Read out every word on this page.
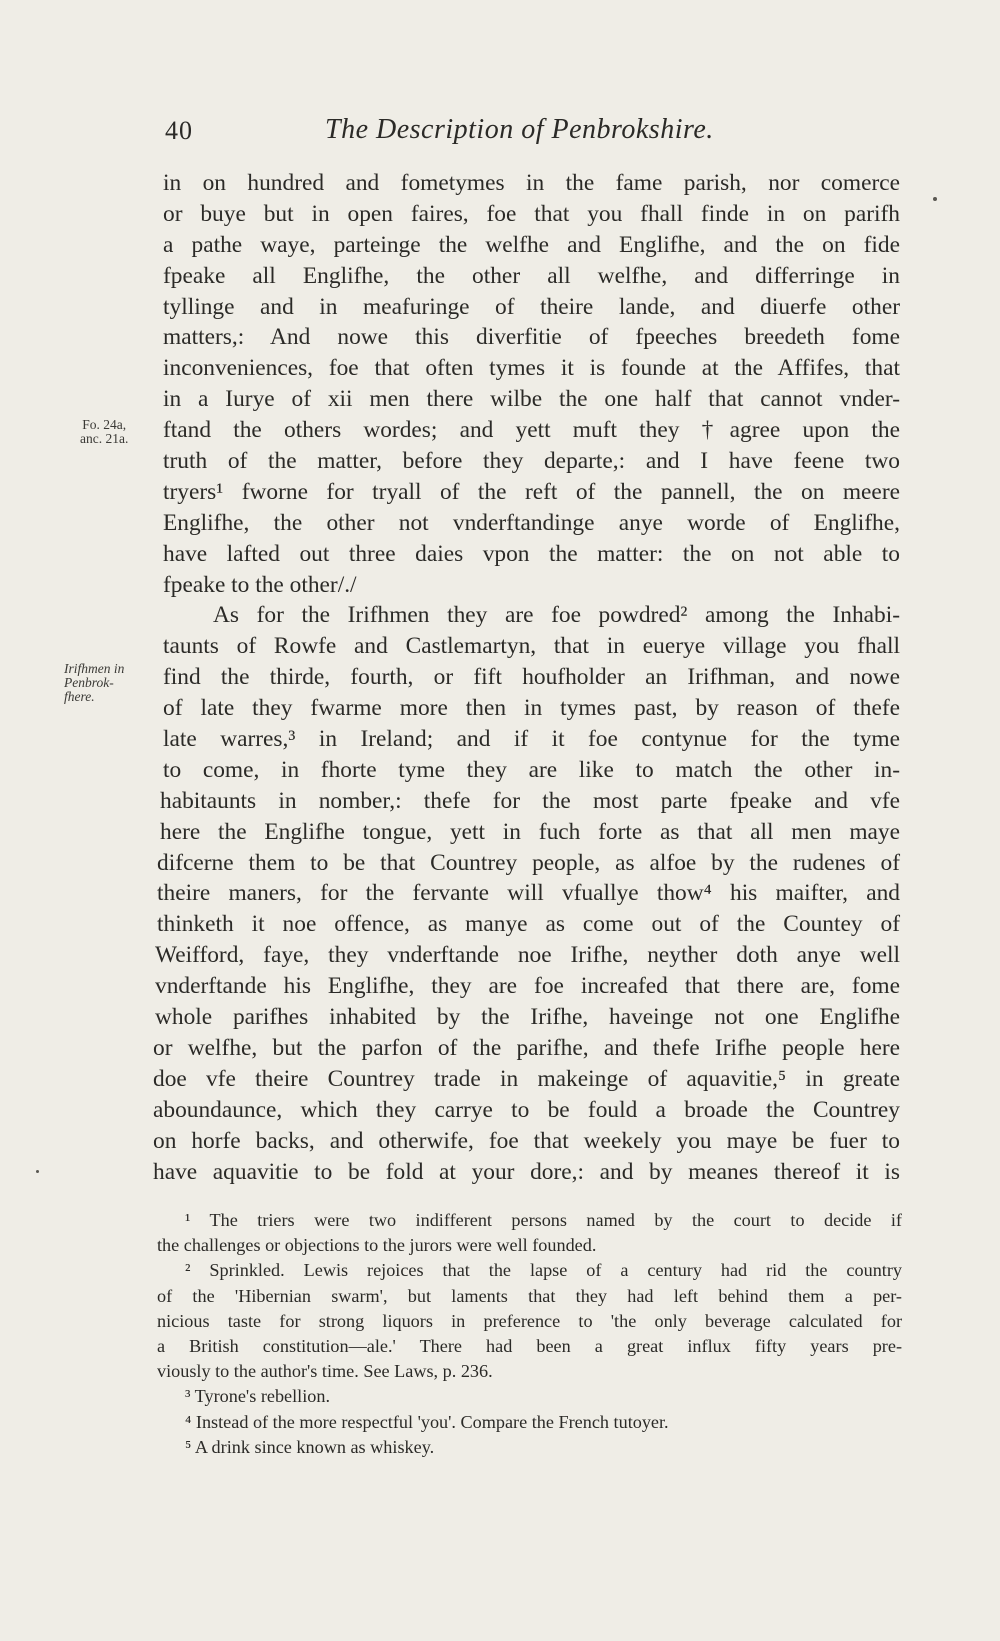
40	The Description of Penbrokshire.
Fo. 24a,
anc. 21a.
Irifhmen in
Penbrok-
fhere.
in on hundred and fometymes in the fame parish, nor comerce
or buye but in open faires, foe that you fhall finde in on parifh
a pathe waye, parteinge the welfhe and Englifhe, and the on fide
fpeake all Englifhe, the other all welfhe, and differringe in
tyllinge and in meafuringe of theire lande, and diuerfe other
matters,: And nowe this diverfitie of fpeeches breedeth fome
inconveniences, foe that often tymes it is founde at the Affifes, that
in a Iurye of xii men there wilbe the one half that cannot vnder-
ftand the others wordes; and yett muft they †agree upon the
truth of the matter, before they departe,: and I have feene two
tryers¹ fworne for tryall of the reft of the pannell, the on meere
Englifhe, the other not vnderftandinge anye worde of Englifhe,
have lafted out three daies vpon the matter: the on not able to
fpeake to the other/./
As for the Irifhmen they are foe powdred² among the Inhabi-
taunts of Rowfe and Castlemartyn, that in euerye village you fhall
find the thirde, fourth, or fift houfholder an Irifhman, and nowe
of late they fwarme more then in tymes past, by reason of thefe
late warres,³ in Ireland; and if it foe contynue for the tyme
to come, in fhorte tyme they are like to match the other in-
habitaunts in nomber,: thefe for the most parte fpeake and vfe
here the Englifhe tongue, yett in fuch forte as that all men maye
difcerne them to be that Countrey people, as alfoe by the rudenes of
theire maners, for the fervante will vfuallye thow⁴ his maifter, and
thinketh it noe offence, as manye as come out of the Countey of
Weifford, faye, they vnderftande noe Irifhe, neyther doth anye well
vnderftande his Englifhe, they are foe increafed that there are, fome
whole parifhes inhabited by the Irifhe, haveinge not one Englifhe
or welfhe, but the parfon of the parifhe, and thefe Irifhe people here
doe vfe theire Countrey trade in makeinge of aquavitie,⁵ in greate
aboundaunce, which they carrye to be fould a broade the Countrey
on horfe backs, and otherwife, foe that weekely you maye be fuer to
have aquavitie to be fold at your dore,: and by meanes thereof it is
¹ The triers were two indifferent persons named by the court to decide if
the challenges or objections to the jurors were well founded.
² Sprinkled. Lewis rejoices that the lapse of a century had rid the country
of the 'Hibernian swarm', but laments that they had left behind them a per-
nicious taste for strong liquors in preference to 'the only beverage calculated for
a British constitution—ale.' There had been a great influx fifty years pre-
viously to the author's time. See Laws, p. 236.
³ Tyrone's rebellion.
⁴ Instead of the more respectful 'you'. Compare the French tutoyer.
⁵ A drink since known as whiskey.
